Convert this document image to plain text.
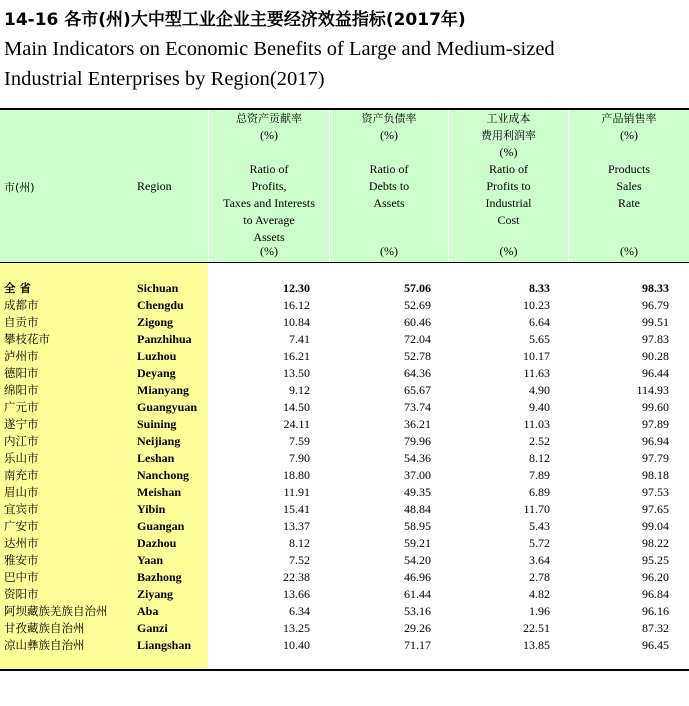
14-16 各市(州)大中型工业企业主要经济效益指标(2017年)
Main Indicators on Economic Benefits of Large and Medium-sized
Industrial Enterprises by Region(2017)
市(州)	Region
总资产贡献率
(%)
Ratio of
Profits,
Taxes and Interests
to Average
Assets
(%)
资产负债率
(%)
Ratio of
Debts to
Assets
(%)
工业成本
费用利润率
(%)
Ratio of
Profits to
Industrial
Cost
(%)
产品销售率
(%)
Products
Sales
Rate
(%)
全 省	Sichuan	12.30	57.06	8.33	98.33
成都市	Chengdu	16.12	52.69	10.23	96.79
自贡市	Zigong	10.84	60.46	6.64	99.51
攀枝花市	Panzhihua	7.41	72.04	5.65	97.83
泸州市	Luzhou	16.21	52.78	10.17	90.28
德阳市	Deyang	13.50	64.36	11.63	96.44
绵阳市	Mianyang	9.12	65.67	4.90	114.93
广元市	Guangyuan	14.50	73.74	9.40	99.60
遂宁市	Suining	24.11	36.21	11.03	97.89
内江市	Neijiang	7.59	79.96	2.52	96.94
乐山市	Leshan	7.90	54.36	8.12	97.79
南充市	Nanchong	18.80	37.00	7.89	98.18
眉山市	Meishan	11.91	49.35	6.89	97.53
宜宾市	Yibin	15.41	48.84	11.70	97.65
广安市	Guangan	13.37	58.95	5.43	99.04
达州市	Dazhou	8.12	59.21	5.72	98.22
雅安市	Yaan	7.52	54.20	3.64	95.25
巴中市	Bazhong	22.38	46.96	2.78	96.20
资阳市	Ziyang	13.66	61.44	4.82	96.84
阿坝藏族羌族自治州 Aba	6.34	53.16	1.96	96.16
甘孜藏族自治州	Ganzi	13.25	29.26	22.51	87.32
凉山彝族自治州	Liangshan	10.40	71.17	13.85	96.45
